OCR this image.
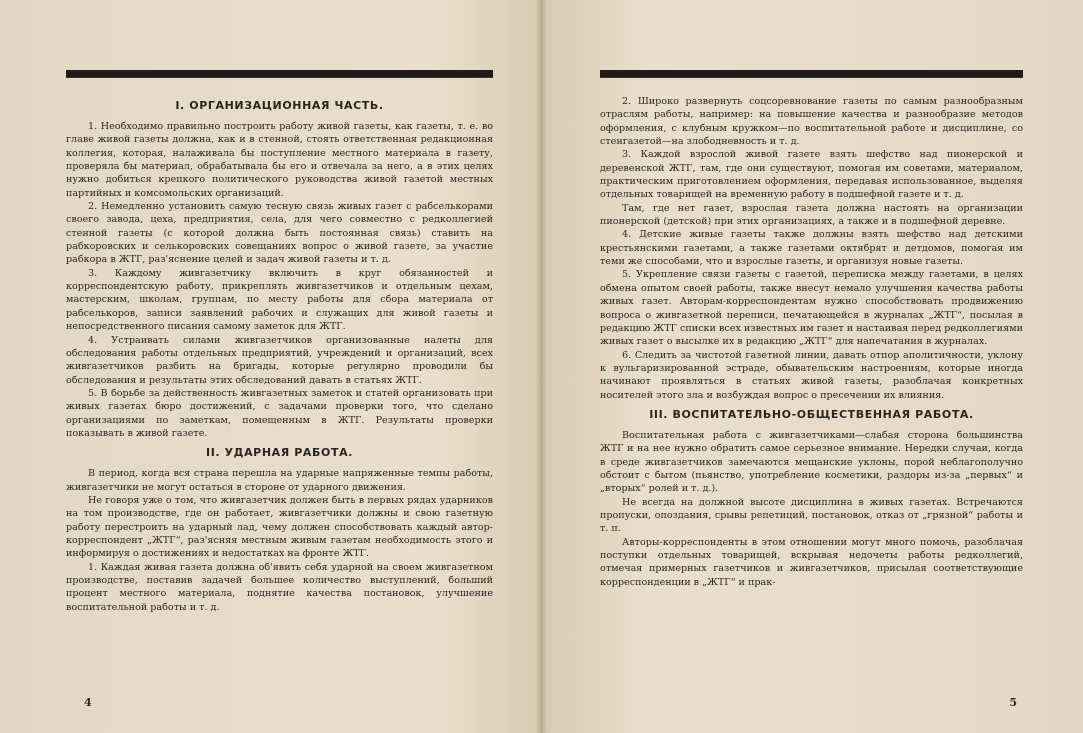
I. ОРГАНИЗАЦИОННАЯ ЧАСТЬ.

1. Необходимо правильно построить работу живой газеты, как газеты, т. е. во главе живой газеты должна, как и в стенной, стоять ответственная редакционная коллегия, которая, налаживала бы поступление местного материала в газету, проверяла бы материал, обрабатывала бы его и отвечала за него, а в этих целях нужно добиться крепкого политического руководства живой газетой местных партийных и комсомольских организаций.

2. Немедленно установить самую тесную связь живых газет с рабселькорами своего завода, цеха, предприятия, села, для чего совместно с редколлегией стенной газеты (с которой должна быть постоянная связь) ставить на рабкоровских и селькоровских совещаниях вопрос о живой газете, за участие рабкора в ЖТГ, раз'яснение целей и задач живой газеты и т. д.

3. Каждому живгазетчику включить в круг обязанностей и корреспондентскую работу, прикреплять живгазетчиков и отдельным цехам, мастерским, школам, группам, по месту работы для сбора материала от рабселькоров, записи заявлений рабочих и служащих для живой газеты и непосредственного писания самому заметок для ЖТГ.

4. Устраивать силами живгазетчиков организованные налеты для обследования работы отдельных предприятий, учреждений и организаций, всех живгазетчиков разбить на бригады, которые регулярно проводили бы обследования и результаты этих обследований давать в статьях ЖТГ.

5. В борьбе за действенность живгазетных заметок и статей организовать при живых газетах бюро достижений, с задачами проверки того, что сделано организациями по заметкам, помещенным в ЖТГ. Результаты проверки показывать в живой газете.

II. УДАРНАЯ РАБОТА.

В период, когда вся страна перешла на ударные напряженные темпы работы, живгазетчики не могут остаться в стороне от ударного движения.

Не говоря уже о том, что живгазетчик должен быть в первых рядах ударников на том производстве, где он работает, живгазетчики должны и свою газетную работу перестроить на ударный лад, чему должен способствовать каждый автор-корреспондент „ЖТГ“, раз'ясняя местным живым газетам необходимость этого и информируя о достижениях и недостатках на фронте ЖТГ.

1. Каждая живая газета должна об'явить себя ударной на своем живгазетном производстве, поставив задачей большее количество выступлений, больший процент местного материала, поднятие качества постановок, улучшение воспитательной работы и т. д.

4

2. Широко развернуть соцсоревнование газеты по самым разнообразным отраслям работы, например: на повышение качества и разнообразие методов оформления, с клубным кружком—по воспитательной работе и дисциплине, со стенгазетой—на злободневность и т. д.

3. Каждой взрослой живой газете взять шефство над пионерской и деревенской ЖТГ, там, где они существуют, помогая им советами, материалом, практическим приготовлением оформления, передавая использованное, выделяя отдельных товарищей на временную работу в подшефной газете и т. д.

Там, где нет газет, взрослая газета должна настоять на организации пионерской (детской) при этих организациях, а также и в подшефной деревне.

4. Детские живые газеты также должны взять шефство над детскими крестьянскими газетами, а также газетами октябрят и детдомов, помогая им теми же способами, что и взрослые газеты, и организуя новые газеты.

5. Укрепление связи газеты с газетой, переписка между газетами, в целях обмена опытом своей работы, также внесут немало улучшения качества работы живых газет. Авторам-корреспондентам нужно способствовать продвижению вопроса о живгазетной переписи, печатающейся в журналах „ЖТГ“, посылая в редакцию ЖТГ списки всех известных им газет и настаивая перед редколлегиями живых газет о высылке их в редакцию „ЖТГ“ для напечатания в журналах.

6. Следить за чистотой газетной линии, давать отпор аполитичности, уклону к вульгаризированной эстраде, обывательским настроениям, которые иногда начинают проявляться в статьях живой газеты, разоблачая конкретных носителей этого зла и возбуждая вопрос о пресечении их влияния.

III. ВОСПИТАТЕЛЬНО-ОБЩЕСТВЕННАЯ РАБОТА.

Воспитательная работа с живгазетчиками—слабая сторона большинства ЖТГ и на нее нужно обратить самое серьезное внимание. Нередки случаи, когда в среде живгазетчиков замечаются мещанские уклоны, порой неблагополучно обстоит с бытом (пьянство, употребление косметики, раздоры из-за „первых“ и „вторых“ ролей и т. д.).

Не всегда на должной высоте дисциплина в живых газетах. Встречаются пропуски, опоздания, срывы репетиций, постановок, отказ от „грязной“ работы и т. п.

Авторы-корреспонденты в этом отношении могут много помочь, разоблачая поступки отдельных товарищей, вскрывая недочеты работы редколлегий, отмечая примерных газетчиков и живгазетчиков, присылая соответствующие корреспонденции в „ЖТГ“ и прак-

5
